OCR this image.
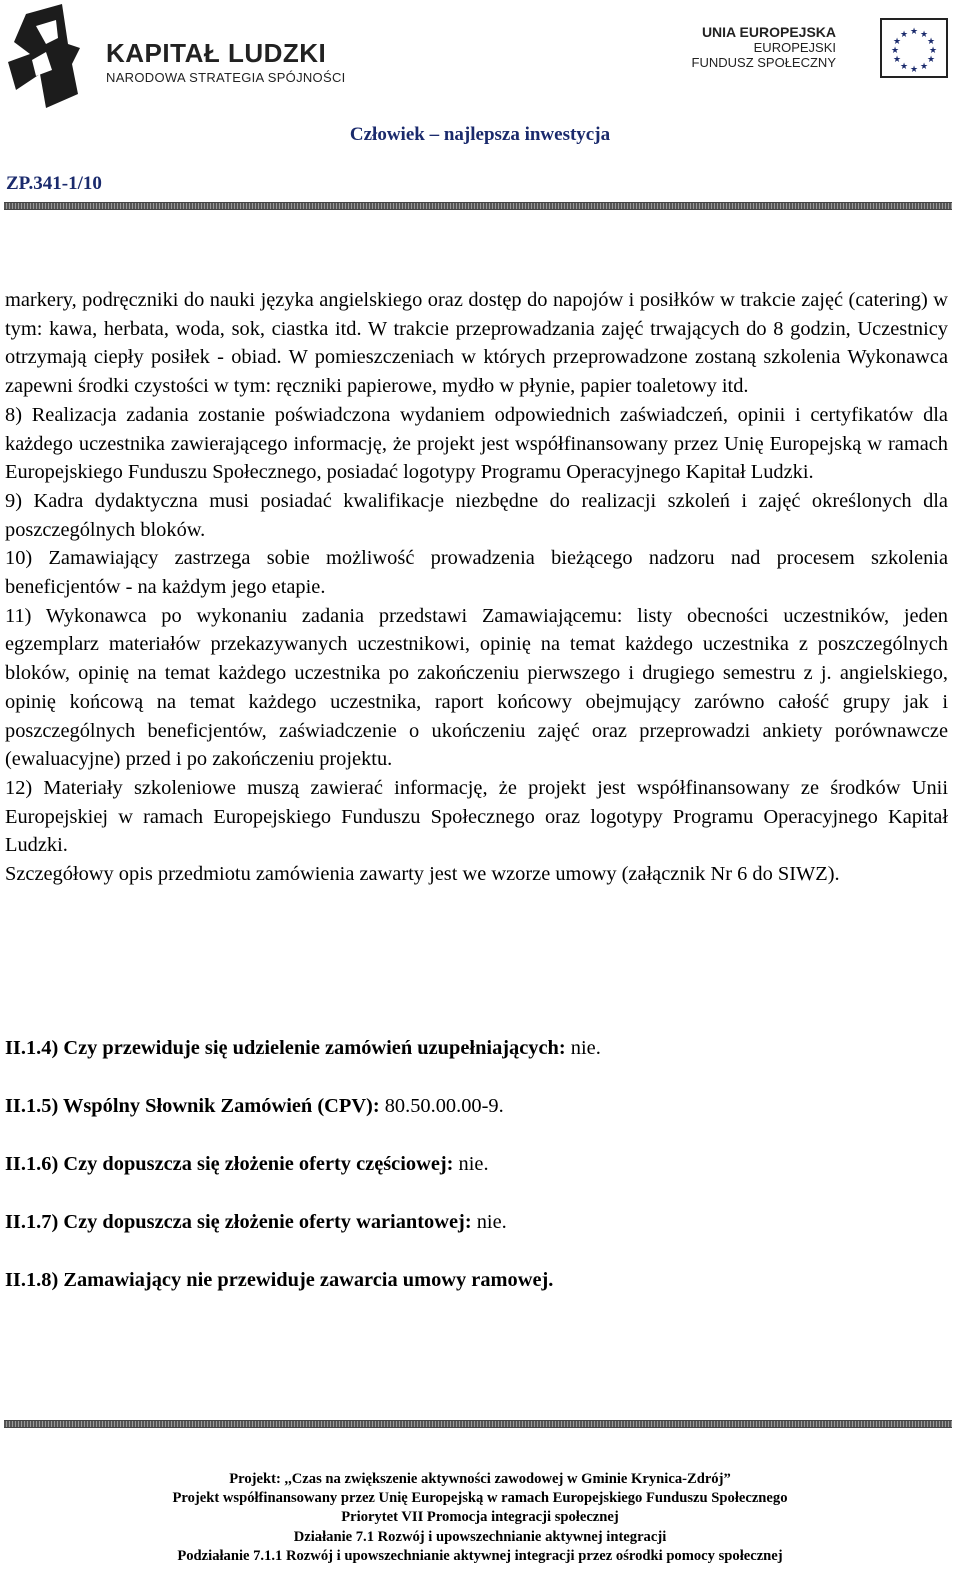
KAPITAŁ LUDZKI
NARODOWA STRATEGIA SPÓJNOŚCI
UNIA EUROPEJSKA
EUROPEJSKI
FUNDUSZ SPOŁECZNY
★ ★
★
★
★
★
★
★
★
★
★
★
Człowiek – najlepsza inwestycja
ZP.341-1/10

markery, podręczniki do nauki języka angielskiego oraz dostęp do napojów i posiłków w trakcie zajęć (catering) w tym: kawa, herbata, woda, sok, ciastka itd. W trakcie przeprowadzania zajęć trwających do 8 godzin, Uczestnicy otrzymają ciepły posiłek - obiad. W pomieszczeniach w których przeprowadzone zostaną szkolenia Wykonawca zapewni środki czystości w tym: ręczniki papierowe, mydło w płynie, papier toaletowy itd.

8) Realizacja zadania zostanie poświadczona wydaniem odpowiednich zaświadczeń, opinii i certyfikatów dla każdego uczestnika zawierającego informację, że projekt jest współfinansowany przez Unię Europejską w ramach Europejskiego Funduszu Społecznego, posiadać logotypy Programu Operacyjnego Kapitał Ludzki.

9) Kadra dydaktyczna musi posiadać kwalifikacje niezbędne do realizacji szkoleń i zajęć określonych dla poszczególnych bloków.

10) Zamawiający zastrzega sobie możliwość prowadzenia bieżącego nadzoru nad procesem szkolenia beneficjentów - na każdym jego etapie.

11) Wykonawca po wykonaniu zadania przedstawi Zamawiającemu: listy obecności uczestników, jeden egzemplarz materiałów przekazywanych uczestnikowi, opinię na temat każdego uczestnika z poszczególnych bloków, opinię na temat każdego uczestnika po zakończeniu pierwszego i drugiego semestru z j. angielskiego, opinię końcową na temat każdego uczestnika, raport końcowy obejmujący zarówno całość grupy jak i poszczególnych beneficjentów, zaświadczenie o ukończeniu zajęć oraz przeprowadzi ankiety porównawcze (ewaluacyjne) przed i po zakończeniu projektu.

12) Materiały szkoleniowe muszą zawierać informację, że projekt jest współfinansowany ze środków Unii Europejskiej w ramach Europejskiego Funduszu Społecznego oraz logotypy Programu Operacyjnego Kapitał Ludzki.

Szczegółowy opis przedmiotu zamówienia zawarty jest we wzorze umowy (załącznik Nr 6 do SIWZ).

II.1.4) Czy przewiduje się udzielenie zamówień uzupełniających: nie.
II.1.5) Wspólny Słownik Zamówień (CPV): 80.50.00.00-9.
II.1.6) Czy dopuszcza się złożenie oferty częściowej: nie.
II.1.7) Czy dopuszcza się złożenie oferty wariantowej: nie.
II.1.8) Zamawiający nie przewiduje zawarcia umowy ramowej.
Projekt: ,,Czas na zwiększenie aktywności zawodowej w Gminie Krynica-Zdrój”
Projekt współfinansowany przez Unię Europejską w ramach Europejskiego Funduszu Społecznego
Priorytet VII Promocja integracji społecznej
Działanie 7.1 Rozwój i upowszechnianie aktywnej integracji
Podziałanie 7.1.1 Rozwój i upowszechnianie aktywnej integracji przez ośrodki pomocy społecznej
